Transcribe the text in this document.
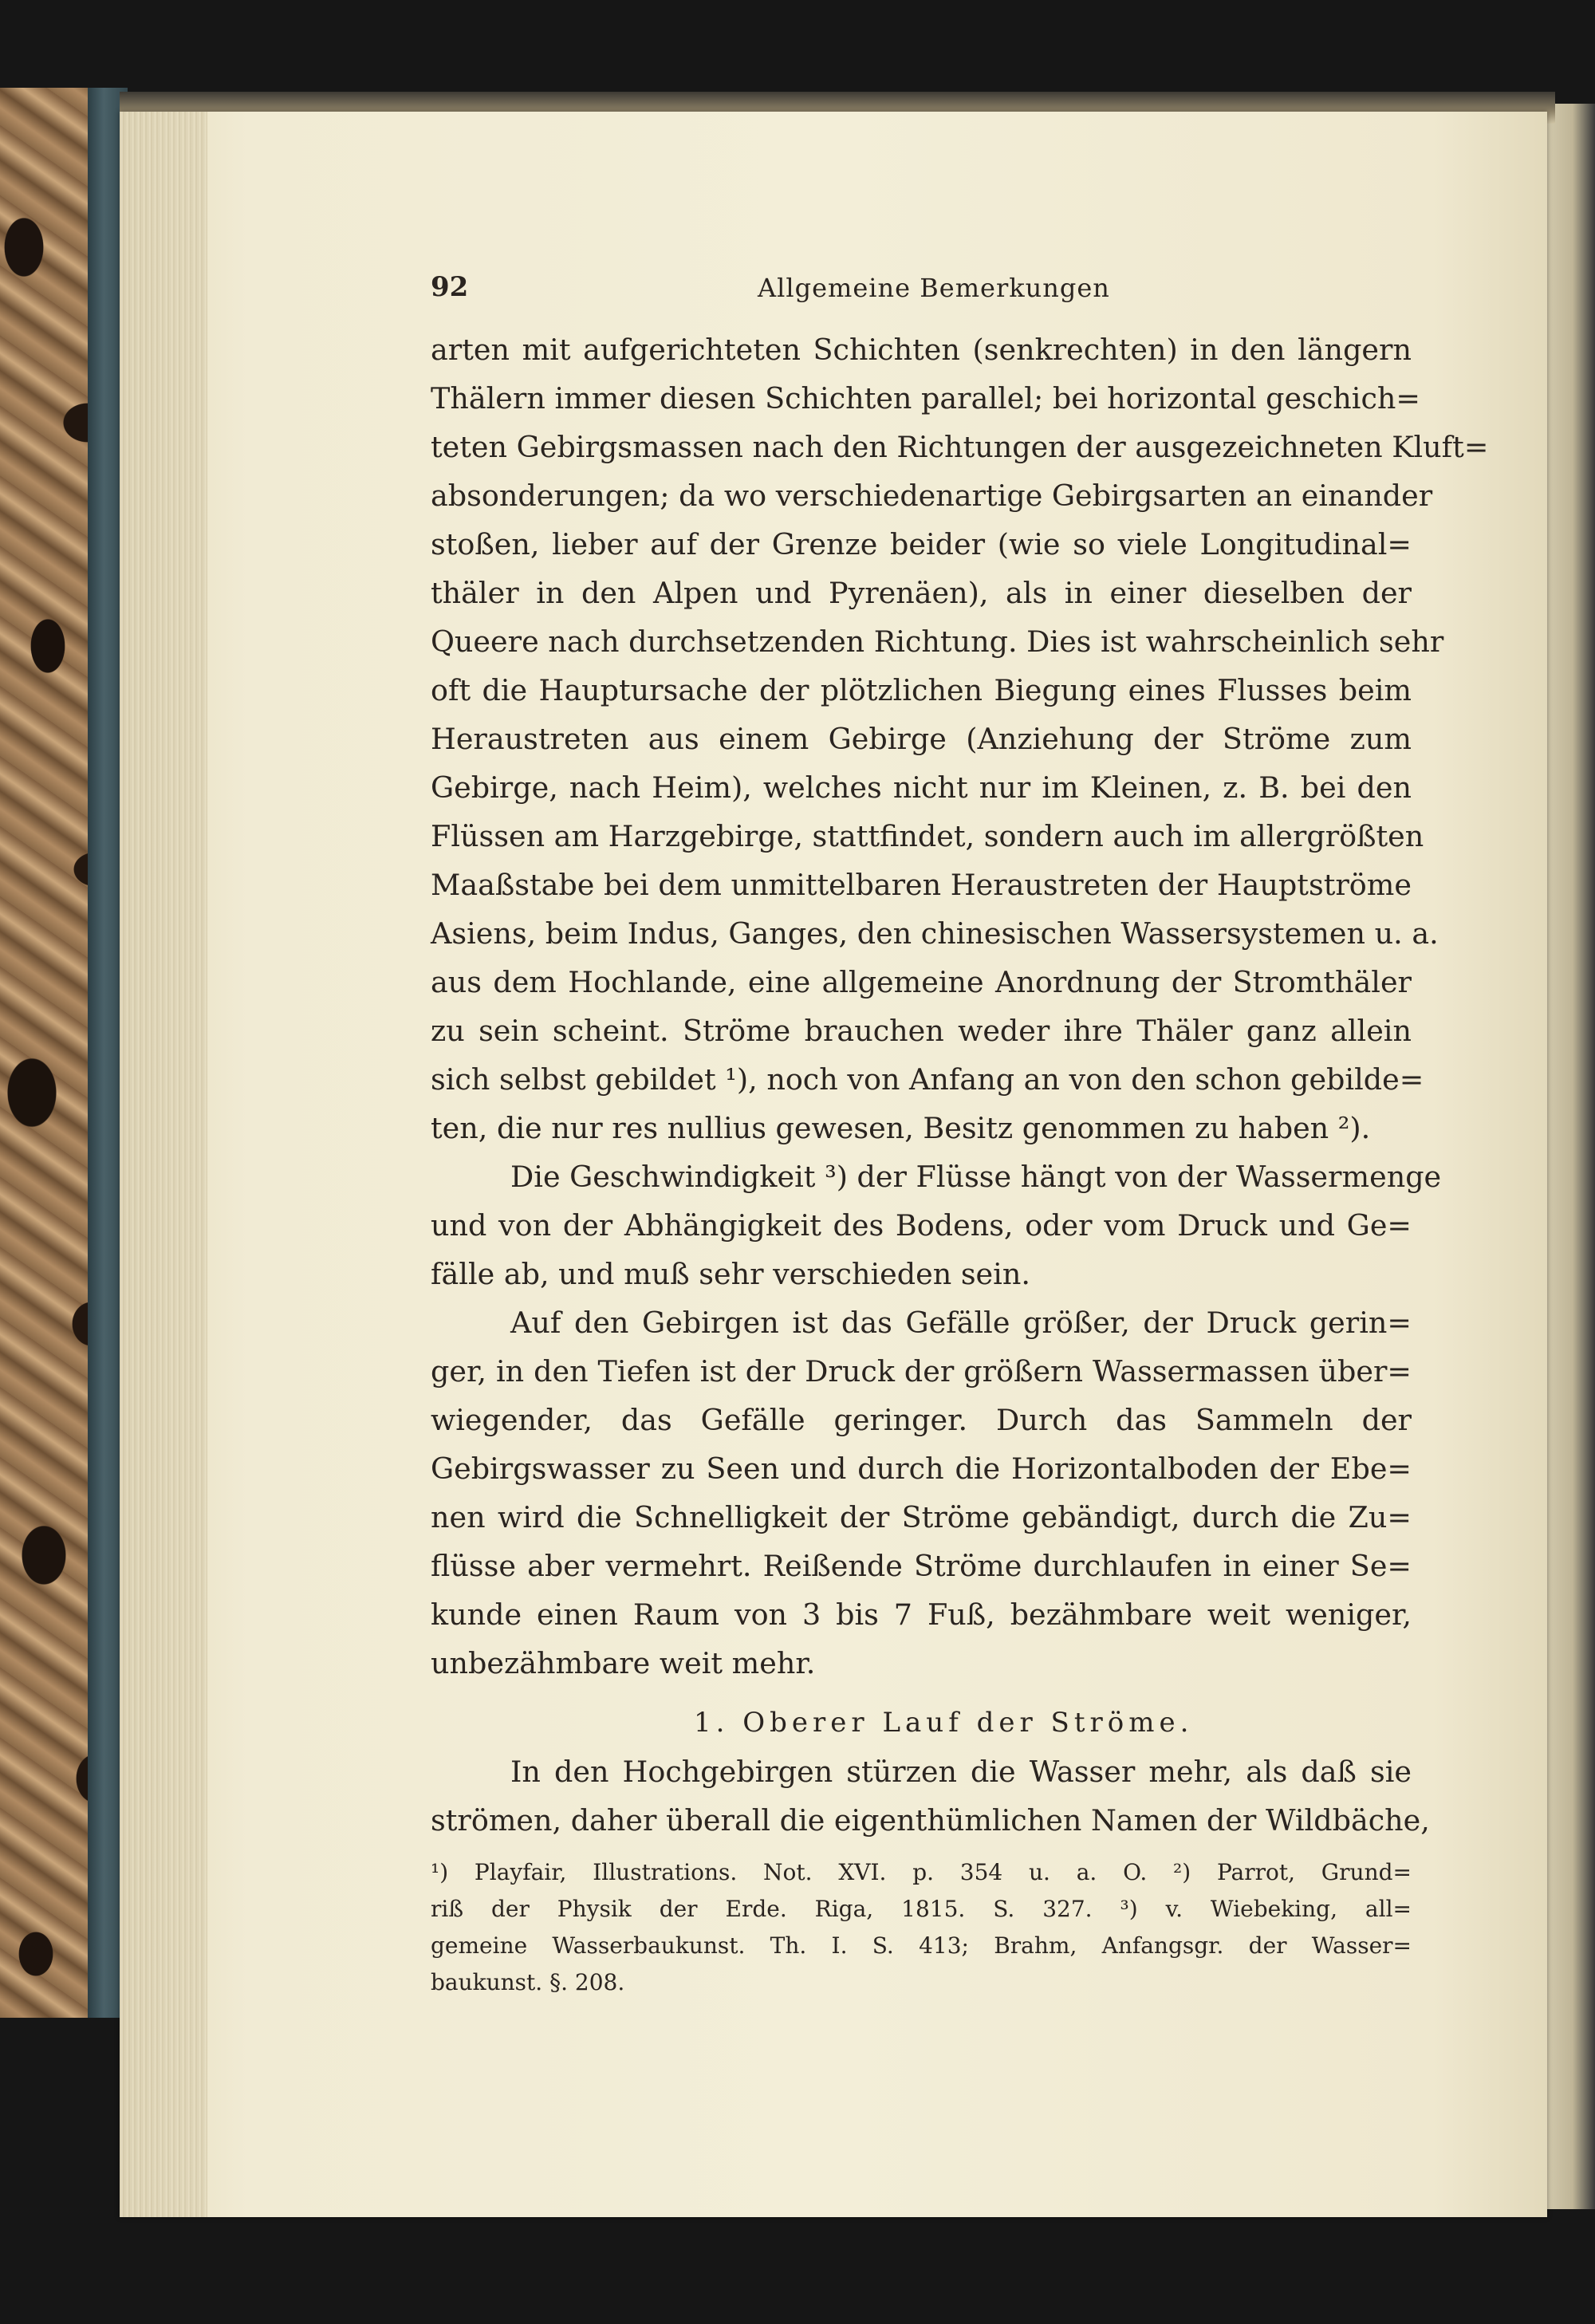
92	Allgemeine Bemerkungen
arten mit aufgerichteten Schichten (senkrechten) in den längern
Thälern immer diesen Schichten parallel; bei horizontal geschich=
teten Gebirgsmassen nach den Richtungen der ausgezeichneten Kluft=
absonderungen; da wo verschiedenartige Gebirgsarten an einander
stoßen, lieber auf der Grenze beider (wie so viele Longitudinal=
thäler in den Alpen und Pyrenäen), als in einer dieselben der
Queere nach durchsetzenden Richtung. Dies ist wahrscheinlich sehr
oft die Hauptursache der plötzlichen Biegung eines Flusses beim
Heraustreten aus einem Gebirge (Anziehung der Ströme zum
Gebirge, nach Heim), welches nicht nur im Kleinen, z. B. bei den
Flüssen am Harzgebirge, stattfindet, sondern auch im allergrößten
Maaßstabe bei dem unmittelbaren Heraustreten der Hauptströme
Asiens, beim Indus, Ganges, den chinesischen Wassersystemen u. a.
aus dem Hochlande, eine allgemeine Anordnung der Stromthäler
zu sein scheint. Ströme brauchen weder ihre Thäler ganz allein
sich selbst gebildet ¹), noch von Anfang an von den schon gebilde=
ten, die nur res nullius gewesen, Besitz genommen zu haben ²).
Die Geschwindigkeit ³) der Flüsse hängt von der Wassermenge
und von der Abhängigkeit des Bodens, oder vom Druck und Ge=
fälle ab, und muß sehr verschieden sein.
Auf den Gebirgen ist das Gefälle größer, der Druck gerin=
ger, in den Tiefen ist der Druck der größern Wassermassen über=
wiegender, das Gefälle geringer. Durch das Sammeln der
Gebirgswasser zu Seen und durch die Horizontalboden der Ebe=
nen wird die Schnelligkeit der Ströme gebändigt, durch die Zu=
flüsse aber vermehrt. Reißende Ströme durchlaufen in einer Se=
kunde einen Raum von 3 bis 7 Fuß, bezähmbare weit weniger,
unbezähmbare weit mehr.
1. Oberer Lauf der Ströme.
In den Hochgebirgen stürzen die Wasser mehr, als daß sie
strömen, daher überall die eigenthümlichen Namen der Wildbäche,
¹) Playfair, Illustrations. Not. XVI. p. 354 u. a. O. ²) Parrot, Grund=
riß der Physik der Erde. Riga, 1815. S. 327. ³) v. Wiebeking, all=
gemeine Wasserbaukunst. Th. I. S. 413; Brahm, Anfangsgr. der Wasser=
baukunst. §. 208.
